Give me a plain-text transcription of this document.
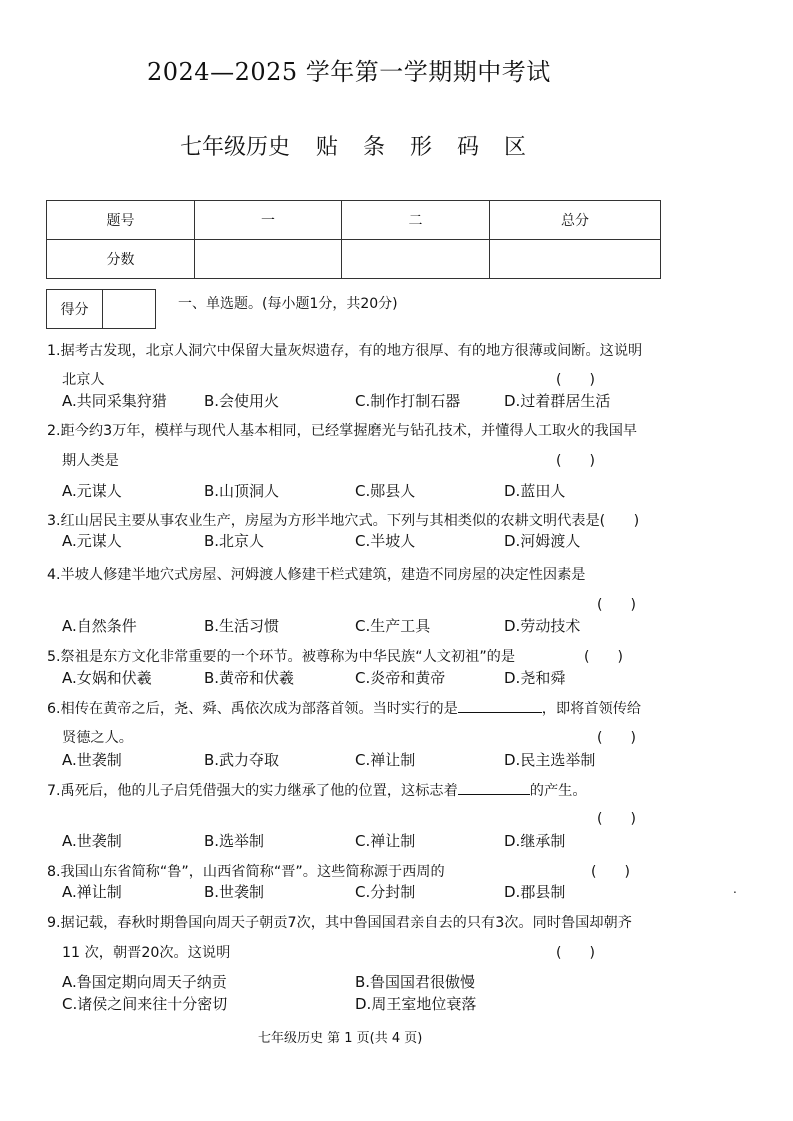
2024—2025 学年第一学期期中考试
七年级历史 贴 条 形 码 区
题号	一	二	总分
分数			
得分		一、单选题。(每小题1分，共20分)
1.据考古发现，北京人洞穴中保留大量灰烬遗存，有的地方很厚、有的地方很薄或间断。这说明
北京人	(　　)
A.共同采集狩猎 B.会使用火	C.制作打制石器	D.过着群居生活
2.距今约3万年，模样与现代人基本相同，已经掌握磨光与钻孔技术，并懂得人工取火的我国早
期人类是	(　　)
A.元谋人	B.山顶洞人	C.郧县人	D.蓝田人
3.红山居民主要从事农业生产，房屋为方形半地穴式。下列与其相类似的农耕文明代表是(　　)
A.元谋人	B.北京人	C.半坡人	D.河姆渡人
4.半坡人修建半地穴式房屋、河姆渡人修建干栏式建筑，建造不同房屋的决定性因素是
(　　)
A.自然条件	B.生活习惯	C.生产工具	D.劳动技术
5.祭祖是东方文化非常重要的一个环节。被尊称为中华民族“人文初祖”的是	(　　)
A.女娲和伏羲	B.黄帝和伏羲	C.炎帝和黄帝	D.尧和舜
6.相传在黄帝之后，尧、舜、禹依次成为部落首领。当时实行的是	，即将首领传给
贤德之人。	(　　)
A.世袭制	B.武力夺取	C.禅让制	D.民主选举制
7.禹死后，他的儿子启凭借强大的实力继承了他的位置，这标志着	的产生。
(　　)
A.世袭制	B.选举制	C.禅让制	D.继承制
8.我国山东省简称“鲁”，山西省简称“晋”。这些简称源于西周的	(　　)
A.禅让制	B.世袭制	C.分封制	D.郡县制	.
9.据记载，春秋时期鲁国向周天子朝贡7次，其中鲁国国君亲自去的只有3次。同时鲁国却朝齐
11 次，朝晋20次。这说明	(　　)
A.鲁国定期向周天子纳贡	B.鲁国国君很傲慢
C.诸侯之间来往十分密切	D.周王室地位衰落
七年级历史 第 1 页(共 4 页)
